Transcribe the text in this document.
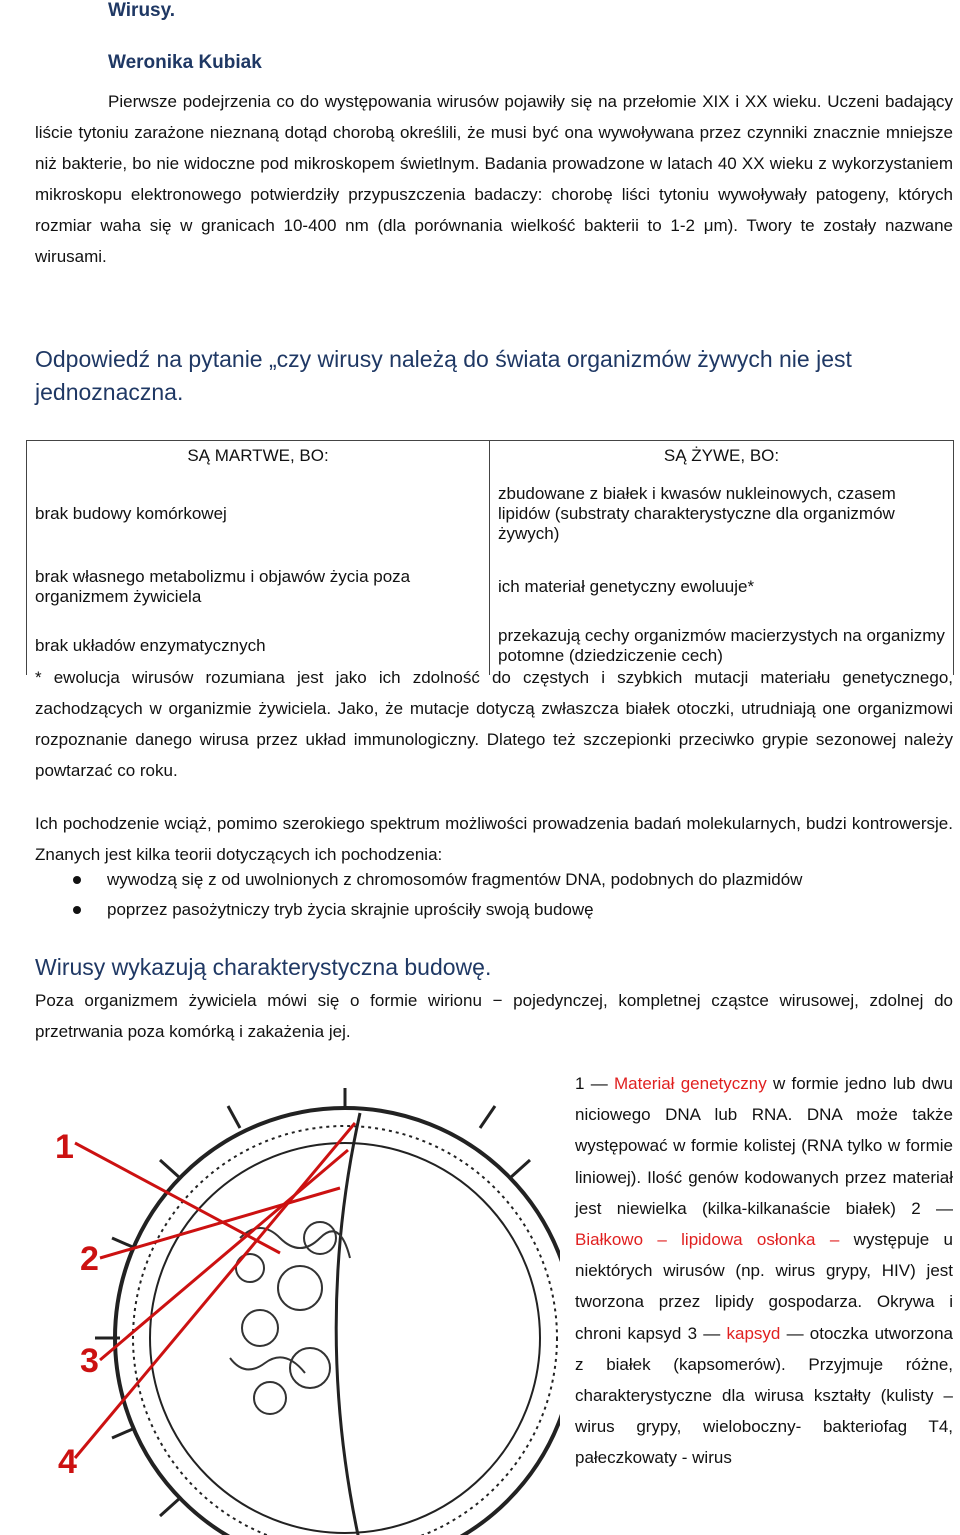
Wirusy.
Weronika Kubiak

Pierwsze podejrzenia co do występowania wirusów pojawiły się na przełomie XIX i XX wieku. Uczeni badający liście tytoniu zarażone nieznaną dotąd chorobą określili, że musi być ona wywoływana przez czynniki znacznie mniejsze niż bakterie, bo nie widoczne pod mikroskopem świetlnym. Badania prowadzone w latach 40 XX wieku z wykorzystaniem mikroskopu elektronowego potwierdziły przypuszczenia badaczy: chorobę liści tytoniu wywoływały patogeny, których rozmiar waha się w granicach 10-400 nm (dla porównania wielkość bakterii to 1-2 μm). Twory te zostały nazwane wirusami.

Odpowiedź na pytanie „czy wirusy należą do świata organizmów żywych nie jest jednoznaczna.

SĄ MARTWE, BO:	SĄ ŻYWE, BO:
brak budowy komórkowej	zbudowane z białek i kwasów nukleinowych, czasem lipidów (substraty charakterystyczne dla organizmów żywych)
brak własnego metabolizmu i objawów życia poza organizmem żywiciela	ich materiał genetyczny ewoluuje*
brak układów enzymatycznych	przekazują cechy organizmów macierzystych na organizmy potomne (dziedziczenie cech)

* ewolucja wirusów rozumiana jest jako ich zdolność do częstych i szybkich mutacji materiału genetycznego, zachodzących w organizmie żywiciela. Jako, że mutacje dotyczą zwłaszcza białek otoczki, utrudniają one organizmowi rozpoznanie danego wirusa przez układ immunologiczny. Dlatego też szczepionki przeciwko grypie sezonowej należy powtarzać co roku.

Ich pochodzenie wciąż, pomimo szerokiego spektrum możliwości prowadzenia badań molekularnych, budzi kontrowersje. Znanych jest kilka teorii dotyczących ich pochodzenia:

wywodzą się z od uwolnionych z chromosomów fragmentów DNA, podobnych do plazmidów
poprzez pasożytniczy tryb życia skrajnie uprościły swoją budowę

Wirusy wykazują charakterystyczna budowę.

Poza organizmem żywiciela mówi się o formie wirionu − pojedynczej, kompletnej cząstce wirusowej, zdolnej do przetrwania poza komórką i zakażenia jej.

1
2
3
4
1 — Materiał genetyczny w formie jedno lub dwu niciowego DNA lub RNA. DNA może także występować w formie kolistej (RNA tylko w formie liniowej). Ilość genów kodowanych przez materiał jest niewielka (kilka-kilkanaście białek) 2 — Białkowo – lipidowa osłonka – występuje u niektórych wirusów (np. wirus grypy, HIV) jest tworzona przez lipidy gospodarza. Okrywa i chroni kapsyd 3 — kapsyd — otoczka utworzona z białek (kapsomerów). Przyjmuje różne, charakterystyczne dla wirusa kształty (kulisty – wirus grypy, wieloboczny- bakteriofag T4, pałeczkowaty - wirus
